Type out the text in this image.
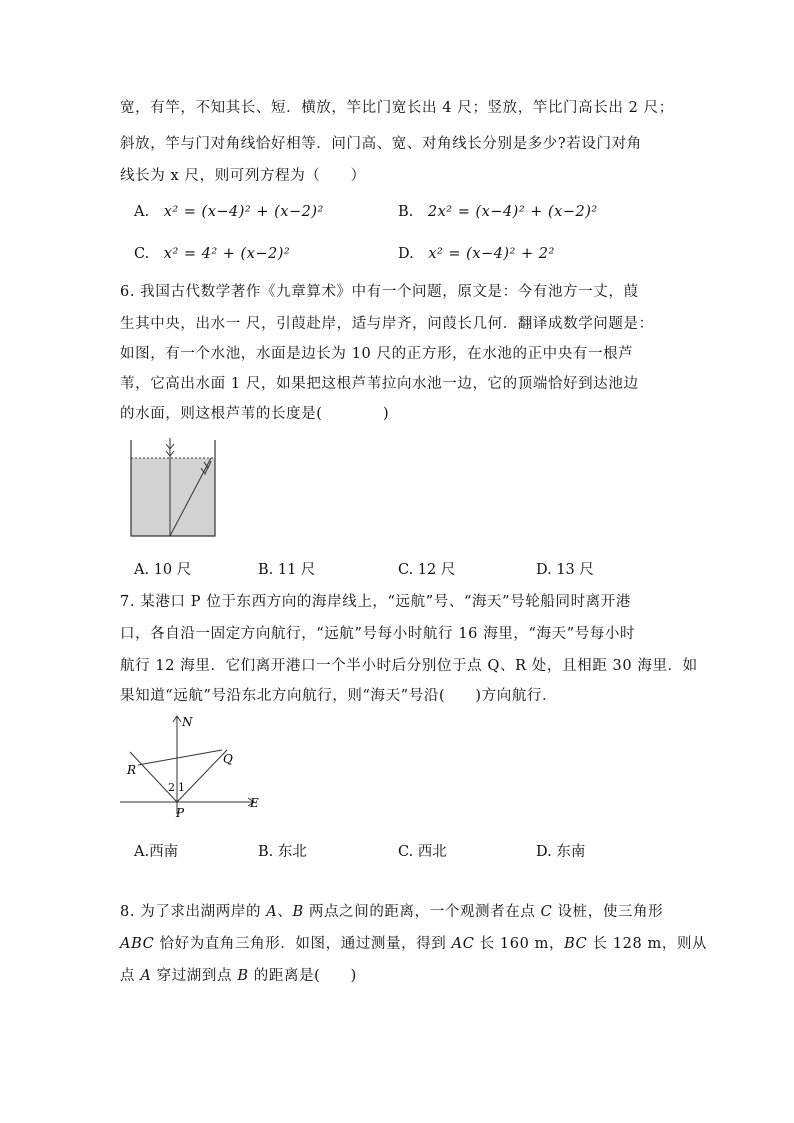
宽，有竿，不知其长、短．横放，竿比门宽长出 4 尺；竖放，竿比门高长出 2 尺；
斜放，竿与门对角线恰好相等．问门高、宽、对角线长分别是多少?若设门对角
线长为 x 尺，则可列方程为（　　）
A. x² = (x−4)² + (x−2)²	B. 2x² = (x−4)² + (x−2)²
C. x² = 4² + (x−2)²	D. x² = (x−4)² + 2²
6. 我国古代数学著作《九章算术》中有一个问题，原文是：今有池方一丈，葭
生其中央，出水一 尺，引葭赴岸，适与岸齐，问葭长几何．翻译成数学问题是：
如图，有一个水池，水面是边长为 10 尺的正方形，在水池的正中央有一根芦
苇，它高出水面 1 尺，如果把这根芦苇拉向水池一边，它的顶端恰好到达池边
的水面，则这根芦苇的长度是(　　　　)
A. 10 尺	B. 11 尺	C. 12 尺	D. 13 尺
7. 某港口 P 位于东西方向的海岸线上，“远航”号、“海天”号轮船同时离开港
口，各自沿一固定方向航行，“远航”号每小时航行 16 海里，“海天”号每小时
航行 12 海里．它们离开港口一个半小时后分别位于点 Q、R 处，且相距 30 海里．如
果知道“远航”号沿东北方向航行，则“海天”号沿(　　)方向航行．
N
E
P
Q
R
2 1
A.西南	B. 东北	C. 西北	D. 东南
8. 为了求出湖两岸的 A、B 两点之间的距离，一个观测者在点 C 设桩，使三角形
ABC 恰好为直角三角形．如图，通过测量，得到 AC 长 160 m，BC 长 128 m，则从
点 A 穿过湖到点 B 的距离是(　　)
